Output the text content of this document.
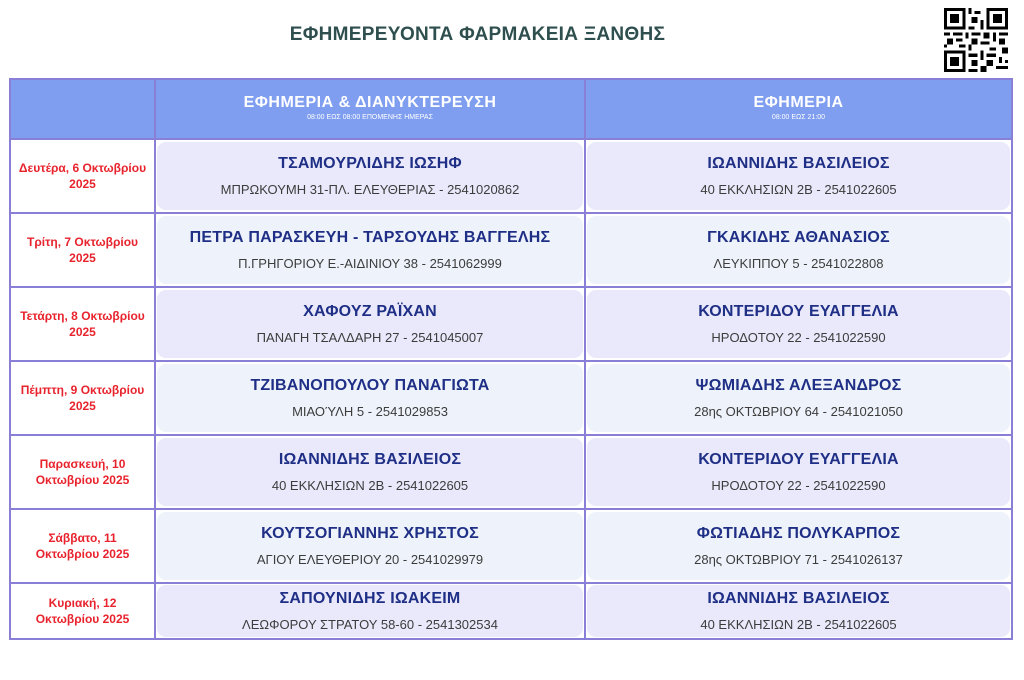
ΕΦΗΜΕΡΕΥΟΝΤΑ ΦΑΡΜΑΚΕΙΑ ΞΑΝΘΗΣ
ΕΦΗΜΕΡΙΑ & ΔΙΑΝΥΚΤΕΡΕΥΣΗ
08:00 ΕΩΣ 08:00 ΕΠΟΜΕΝΗΣ ΗΜΕΡΑΣ
ΕΦΗΜΕΡΙΑ
08:00 ΕΩΣ 21:00
Δευτέρα, 6 Οκτωβρίου 2025
ΤΣΑΜΟΥΡΛΙΔΗΣ ΙΩΣΗΦ
ΜΠΡΩΚΟΥΜΗ 31-ΠΛ. ΕΛΕΥΘΕΡΙΑΣ - 2541020862
ΙΩΑΝΝΙΔΗΣ ΒΑΣΙΛΕΙΟΣ
40 ΕΚΚΛΗΣΙΩΝ 2Β - 2541022605
Τρίτη, 7 Οκτωβρίου 2025
ΠΕΤΡΑ ΠΑΡΑΣΚΕΥΗ - ΤΑΡΣΟΥΔΗΣ ΒΑΓΓΕΛΗΣ
Π.ΓΡΗΓΟΡΙΟΥ Ε.-ΑΙΔΙΝΙΟΥ 38 - 2541062999
ΓΚΑΚΙΔΗΣ ΑΘΑΝΑΣΙΟΣ
ΛΕΥΚΙΠΠΟΥ 5 - 2541022808
Τετάρτη, 8 Οκτωβρίου 2025
ΧΑΦΟΥΖ ΡΑΪΧΑΝ
ΠΑΝΑΓΗ ΤΣΑΛΔΑΡΗ 27 - 2541045007
ΚΟΝΤΕΡΙΔΟΥ ΕΥΑΓΓΕΛΙΑ
ΗΡΟΔΟΤΟΥ 22 - 2541022590
Πέμπτη, 9 Οκτωβρίου 2025
ΤΖΙΒΑΝΟΠΟΥΛΟΥ ΠΑΝΑΓΙΩΤΑ
ΜΙΑΟΎΛΗ 5 - 2541029853
ΨΩΜΙΑΔΗΣ ΑΛΕΞΑΝΔΡΟΣ
28ης ΟΚΤΩΒΡΙΟΥ 64 - 2541021050
Παρασκευή, 10 Οκτωβρίου 2025
ΙΩΑΝΝΙΔΗΣ ΒΑΣΙΛΕΙΟΣ
40 ΕΚΚΛΗΣΙΩΝ 2Β - 2541022605
ΚΟΝΤΕΡΙΔΟΥ ΕΥΑΓΓΕΛΙΑ
ΗΡΟΔΟΤΟΥ 22 - 2541022590
Σάββατο, 11 Οκτωβρίου 2025
ΚΟΥΤΣΟΓΙΑΝΝΗΣ ΧΡΗΣΤΟΣ
ΑΓΙΟΥ ΕΛΕΥΘΕΡΙΟΥ 20 - 2541029979
ΦΩΤΙΑΔΗΣ ΠΟΛΥΚΑΡΠΟΣ
28ης ΟΚΤΩΒΡΙΟΥ 71 - 2541026137
Κυριακή, 12 Οκτωβρίου 2025
ΣΑΠΟΥΝΙΔΗΣ ΙΩΑΚΕΙΜ
ΛΕΩΦΟΡΟΥ ΣΤΡΑΤΟΥ 58-60 - 2541302534
ΙΩΑΝΝΙΔΗΣ ΒΑΣΙΛΕΙΟΣ
40 ΕΚΚΛΗΣΙΩΝ 2Β - 2541022605
